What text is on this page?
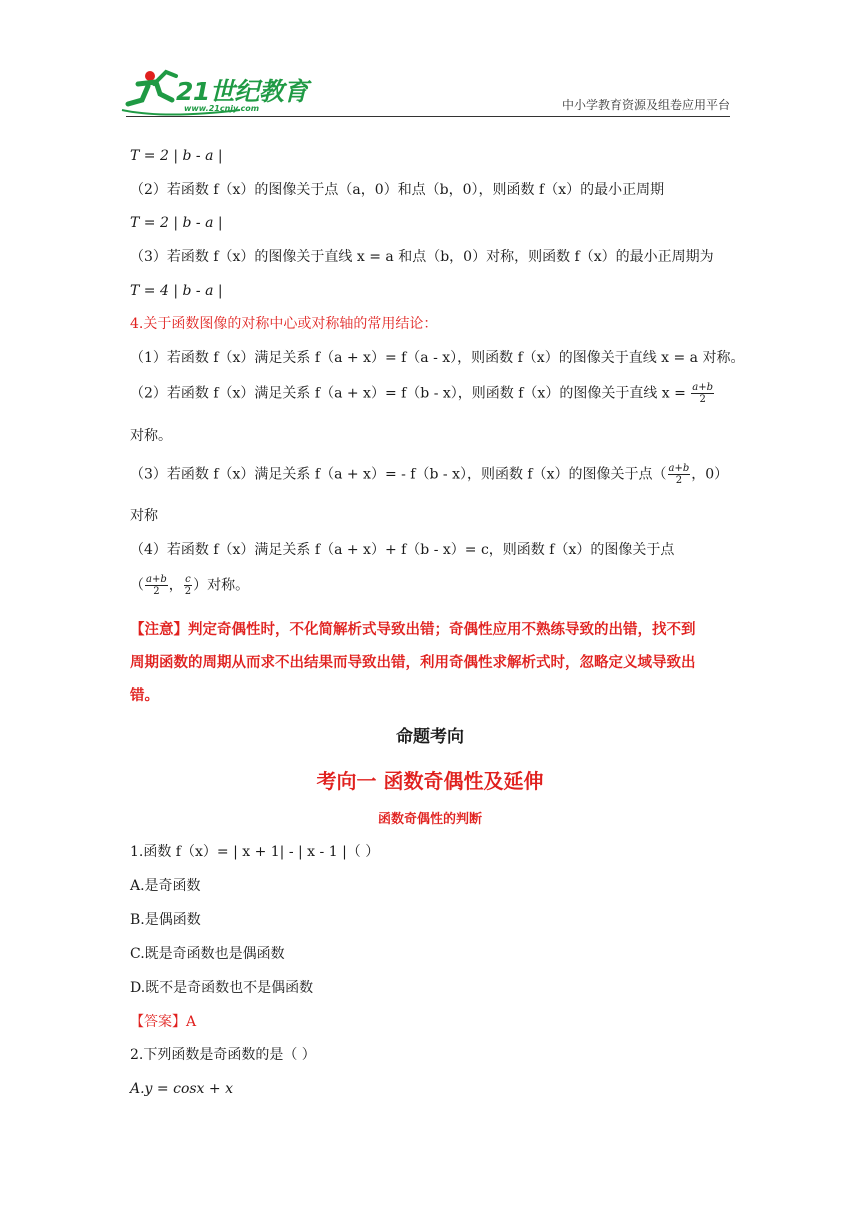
21世纪教育
www.21cnjy.com	中小学教育资源及组卷应用平台
T = 2 | b - a |
（2）若函数 f（x）的图像关于点（a，0）和点（b，0），则函数 f（x）的最小正周期
T = 2 | b - a |
（3）若函数 f（x）的图像关于直线 x = a 和点（b，0）对称，则函数 f（x）的最小正周期为
T = 4 | b - a |
4.关于函数图像的对称中心或对称轴的常用结论：
（1）若函数 f（x）满足关系 f（a + x）= f（a - x），则函数 f（x）的图像关于直线 x = a 对称。
（2）若函数 f（x）满足关系 f（a + x）= f（b - x），则函数 f（x）的图像关于直线 $x = \frac{a+b}{2}$
对称。
（3）若函数 f（x）满足关系 f（a + x）= - f（b - x），则函数 f（x）的图像关于点（ $\frac{a+b}{2}$ ，0）
对称
（4）若函数 f（x）满足关系 f（a + x）+ f（b - x）= c，则函数 f（x）的图像关于点
（ $\frac{a+b}{2}$ ， $\frac{c}{2}$ ）对称。
【注意】判定奇偶性时，不化简解析式导致出错；奇偶性应用不熟练导致的出错，找不到
周期函数的周期从而求不出结果而导致出错，利用奇偶性求解析式时，忽略定义域导致出
错。
命题考向
考向一 函数奇偶性及延伸
函数奇偶性的判断
1.函数 f（x）= | x + 1| - | x - 1 |（ ）
A.是奇函数
B.是偶函数
C.既是奇函数也是偶函数
D.既不是奇函数也不是偶函数
【答案】A
2.下列函数是奇函数的是（ ）
A.y = cosx + x
